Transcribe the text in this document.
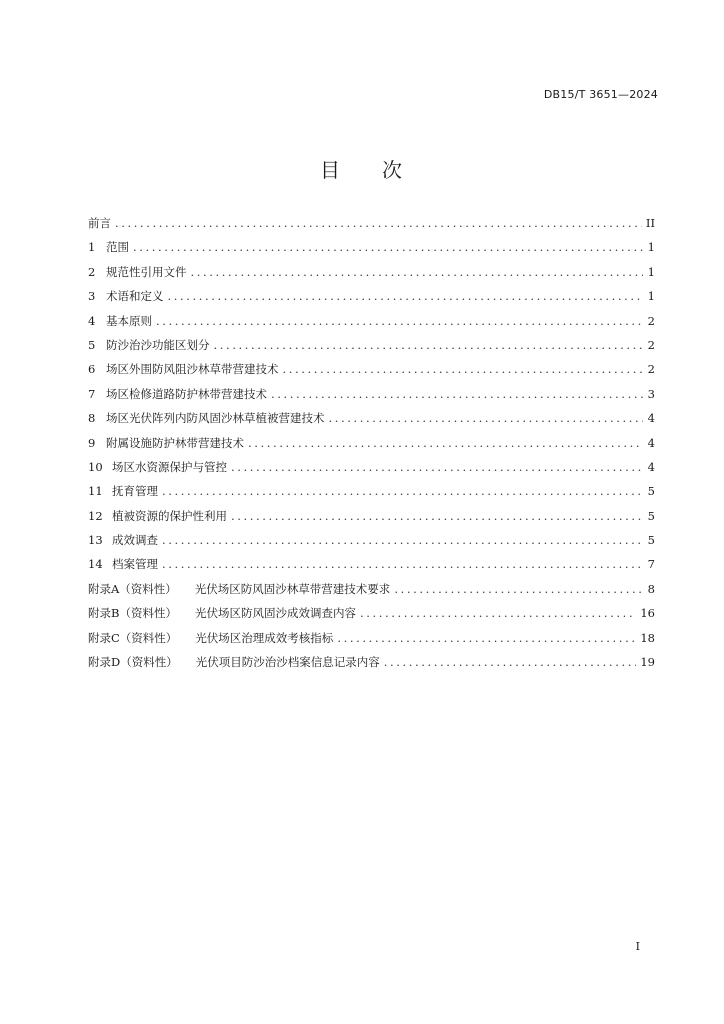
DB15/T 3651—2024
目 次
前言 .....	II
1 范围 .....	1
2 规范性引用文件 .....	1
3 术语和定义 .....	1
4 基本原则 .....	2
5 防沙治沙功能区划分 .....	2
6 场区外围防风阻沙林草带营建技术 .....	2
7 场区检修道路防护林带营建技术 .....	3
8 场区光伏阵列内防风固沙林草植被营建技术 .....	4
9 附属设施防护林带营建技术 .....	4
10 场区水资源保护与管控 .....	4
11 抚育管理 .....	5
12 植被资源的保护性利用 .....	5
13 成效调查 .....	5
14 档案管理 .....	7
附录A（资料性）	光伏场区防风固沙林草带营建技术要求 .....	8
附录B（资料性）	光伏场区防风固沙成效调查内容 .....	16
附录C（资料性）	光伏场区治理成效考核指标 .....	18
附录D（资料性）	光伏项目防沙治沙档案信息记录内容 .....	19
I
